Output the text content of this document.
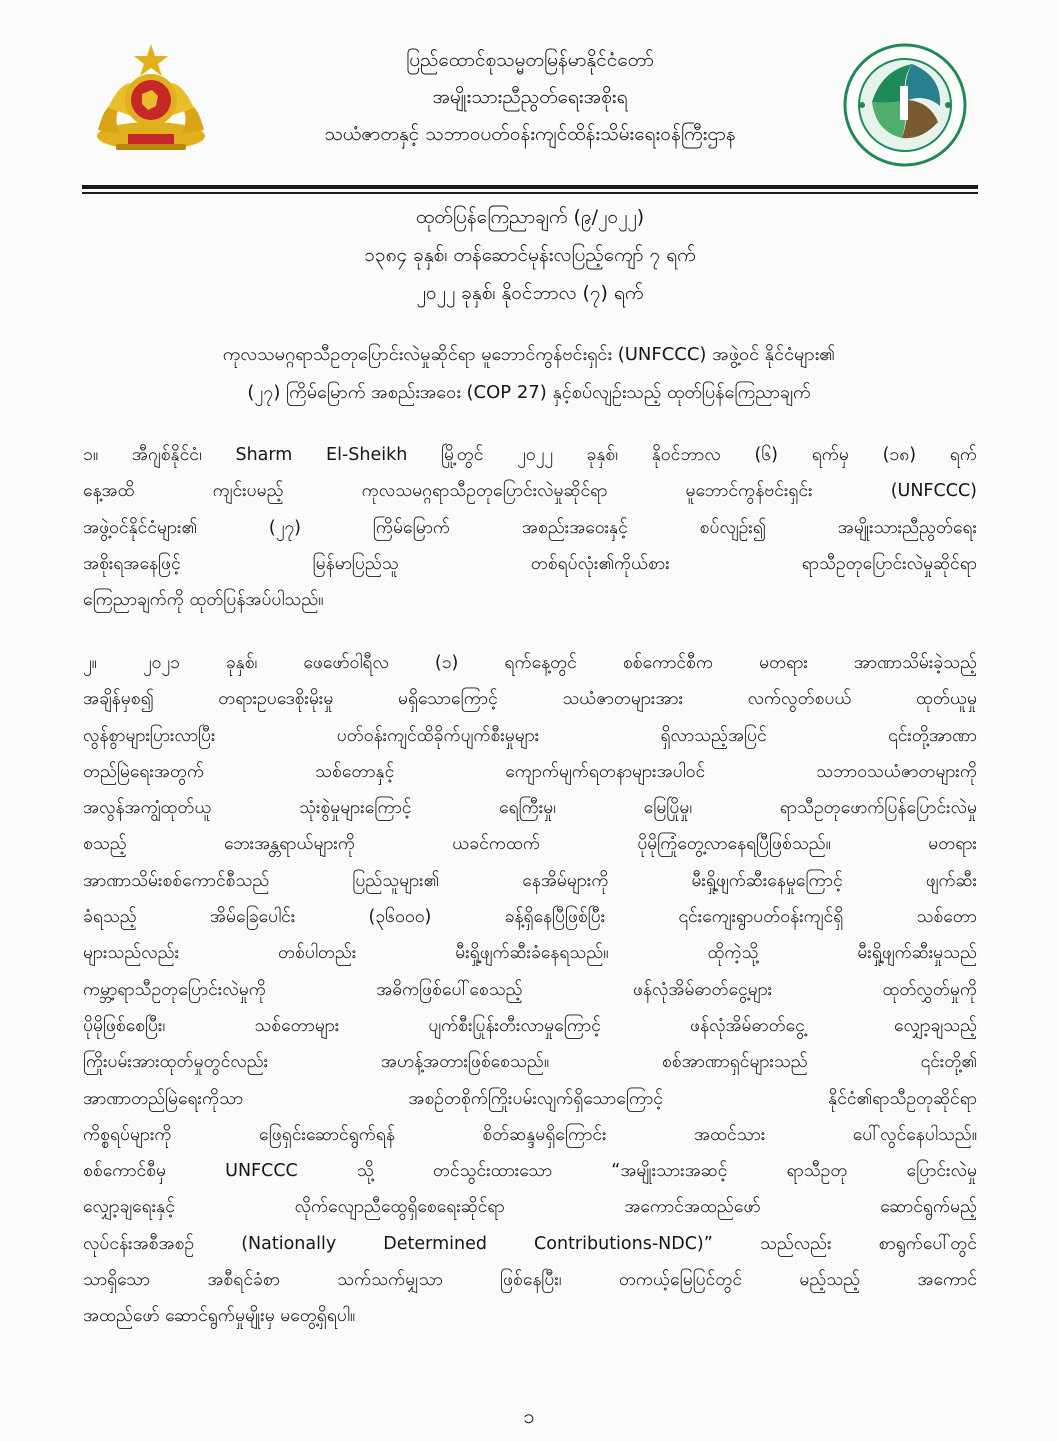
ပြည်ထောင်စုသမ္မတမြန်မာနိုင်ငံတော်
အမျိုးသားညီညွတ်ရေးအစိုးရ
သယံဇာတနှင့် သဘာဝပတ်ဝန်းကျင်ထိန်းသိမ်းရေးဝန်ကြီးဌာန
ထုတ်ပြန်ကြေညာချက် (၉/၂၀၂၂)
၁၃၈၄ ခုနှစ်၊ တန်ဆောင်မုန်းလပြည့်ကျော် ၇ ရက်
၂၀၂၂ ခုနှစ်၊ နိုဝင်ဘာလ (၇) ရက်
ကုလသမဂ္ဂရာသီဥတုပြောင်းလဲမှုဆိုင်ရာ မူဘောင်ကွန်ဗင်းရှင်း (UNFCCC) အဖွဲ့ဝင် နိုင်ငံများ၏
(၂၇) ကြိမ်မြောက် အစည်းအဝေး (COP 27) နှင့်စပ်လျဉ်းသည့် ထုတ်ပြန်ကြေညာချက်
၁။ အီဂျစ်နိုင်ငံ၊ Sharm El-Sheikh မြို့တွင် ၂၀၂၂ ခုနှစ်၊ နိုဝင်ဘာလ (၆) ရက်မှ (၁၈) ရက်
နေ့အထိ ကျင်းပမည့် ကုလသမဂ္ဂရာသီဥတုပြောင်းလဲမှုဆိုင်ရာ မူဘောင်ကွန်ဗင်းရှင်း (UNFCCC)
အဖွဲ့ဝင်နိုင်ငံများ၏ (၂၇) ကြိမ်မြောက် အစည်းအဝေးနှင့် စပ်လျဉ်း၍ အမျိုးသားညီညွတ်ရေး
အစိုးရအနေဖြင့် မြန်မာပြည်သူ တစ်ရပ်လုံး၏ကိုယ်စား ရာသီဥတုပြောင်းလဲမှုဆိုင်ရာ
ကြေညာချက်ကို ထုတ်ပြန်အပ်ပါသည်။
၂။ ၂၀၂၁ ခုနှစ်၊ ဖေဖော်ဝါရီလ (၁) ရက်နေ့တွင် စစ်ကောင်စီက မတရား အာဏာသိမ်းခဲ့သည့်
အချိန်မှစ၍ တရားဥပဒေစိုးမိုးမှု မရှိသောကြောင့် သယံဇာတများအား လက်လွတ်စပယ် ထုတ်ယူမှု
လွန်စွာများပြားလာပြီး ပတ်ဝန်းကျင်ထိခိုက်ပျက်စီးမှုများ ရှိလာသည့်အပြင် ၎င်းတို့အာဏာ
တည်မြဲရေးအတွက် သစ်တောနှင့် ကျောက်မျက်ရတနာများအပါဝင် သဘာဝသယံဇာတများကို
အလွန်အကျွံထုတ်ယူ သုံးစွဲမှုများကြောင့် ရေကြီးမှု၊ မြေပြိုမှု၊ ရာသီဥတုဖောက်ပြန်ပြောင်းလဲမှု
စသည့် ဘေးအန္တရာယ်များကို ယခင်ကထက် ပိုမိုကြုံတွေ့လာနေရပြီဖြစ်သည်။ မတရား
အာဏာသိမ်းစစ်ကောင်စီသည် ပြည်သူများ၏ နေအိမ်များကို မီးရှို့ဖျက်ဆီးနေမှုကြောင့် ဖျက်ဆီး
ခံရသည့် အိမ်ခြေပေါင်း (၃၆၀၀၀) ခန့်ရှိနေပြီဖြစ်ပြီး ၎င်းကျေးရွာပတ်ဝန်းကျင်ရှိ သစ်တော
များသည်လည်း တစ်ပါတည်း မီးရှို့ဖျက်ဆီးခံနေရသည်။ ထိုကဲ့သို့ မီးရှို့ဖျက်ဆီးမှုသည်
ကမ္ဘာ့ရာသီဥတုပြောင်းလဲမှုကို အဓိကဖြစ်ပေါ်စေသည့် ဖန်လုံအိမ်ဓာတ်ငွေ့များ ထုတ်လွှတ်မှုကို
ပိုမိုဖြစ်စေပြီး၊ သစ်တောများ ပျက်စီးပြုန်းတီးလာမှုကြောင့် ဖန်လုံအိမ်ဓာတ်ငွေ့ လျှော့ချသည့်
ကြိုးပမ်းအားထုတ်မှုတွင်လည်း အဟန့်အတားဖြစ်စေသည်။ စစ်အာဏာရှင်များသည် ၎င်းတို့၏
အာဏာတည်မြဲရေးကိုသာ အစဉ်တစိုက်ကြိုးပမ်းလျက်ရှိသောကြောင့် နိုင်ငံ၏ရာသီဥတုဆိုင်ရာ
ကိစ္စရပ်များကို ဖြေရှင်းဆောင်ရွက်ရန် စိတ်ဆန္ဒမရှိကြောင်း အထင်သား ပေါ်လွင်နေပါသည်။
စစ်ကောင်စီမှ UNFCCC သို့ တင်သွင်းထားသော “အမျိုးသားအဆင့် ရာသီဥတု ပြောင်းလဲမှု
လျှော့ချရေးနှင့် လိုက်လျောညီထွေရှိစေရေးဆိုင်ရာ အကောင်အထည်ဖော် ဆောင်ရွက်မည့်
လုပ်ငန်းအစီအစဉ် (Nationally Determined Contributions-NDC)” သည်လည်း စာရွက်ပေါ်တွင်
သာရှိသော အစီရင်ခံစာ သက်သက်မျှသာ ဖြစ်နေပြီး၊ တကယ့်မြေပြင်တွင် မည့်သည့် အကောင်
အထည်ဖော် ဆောင်ရွက်မှုမျိုးမှ မတွေ့ရှိရပါ။
၁
